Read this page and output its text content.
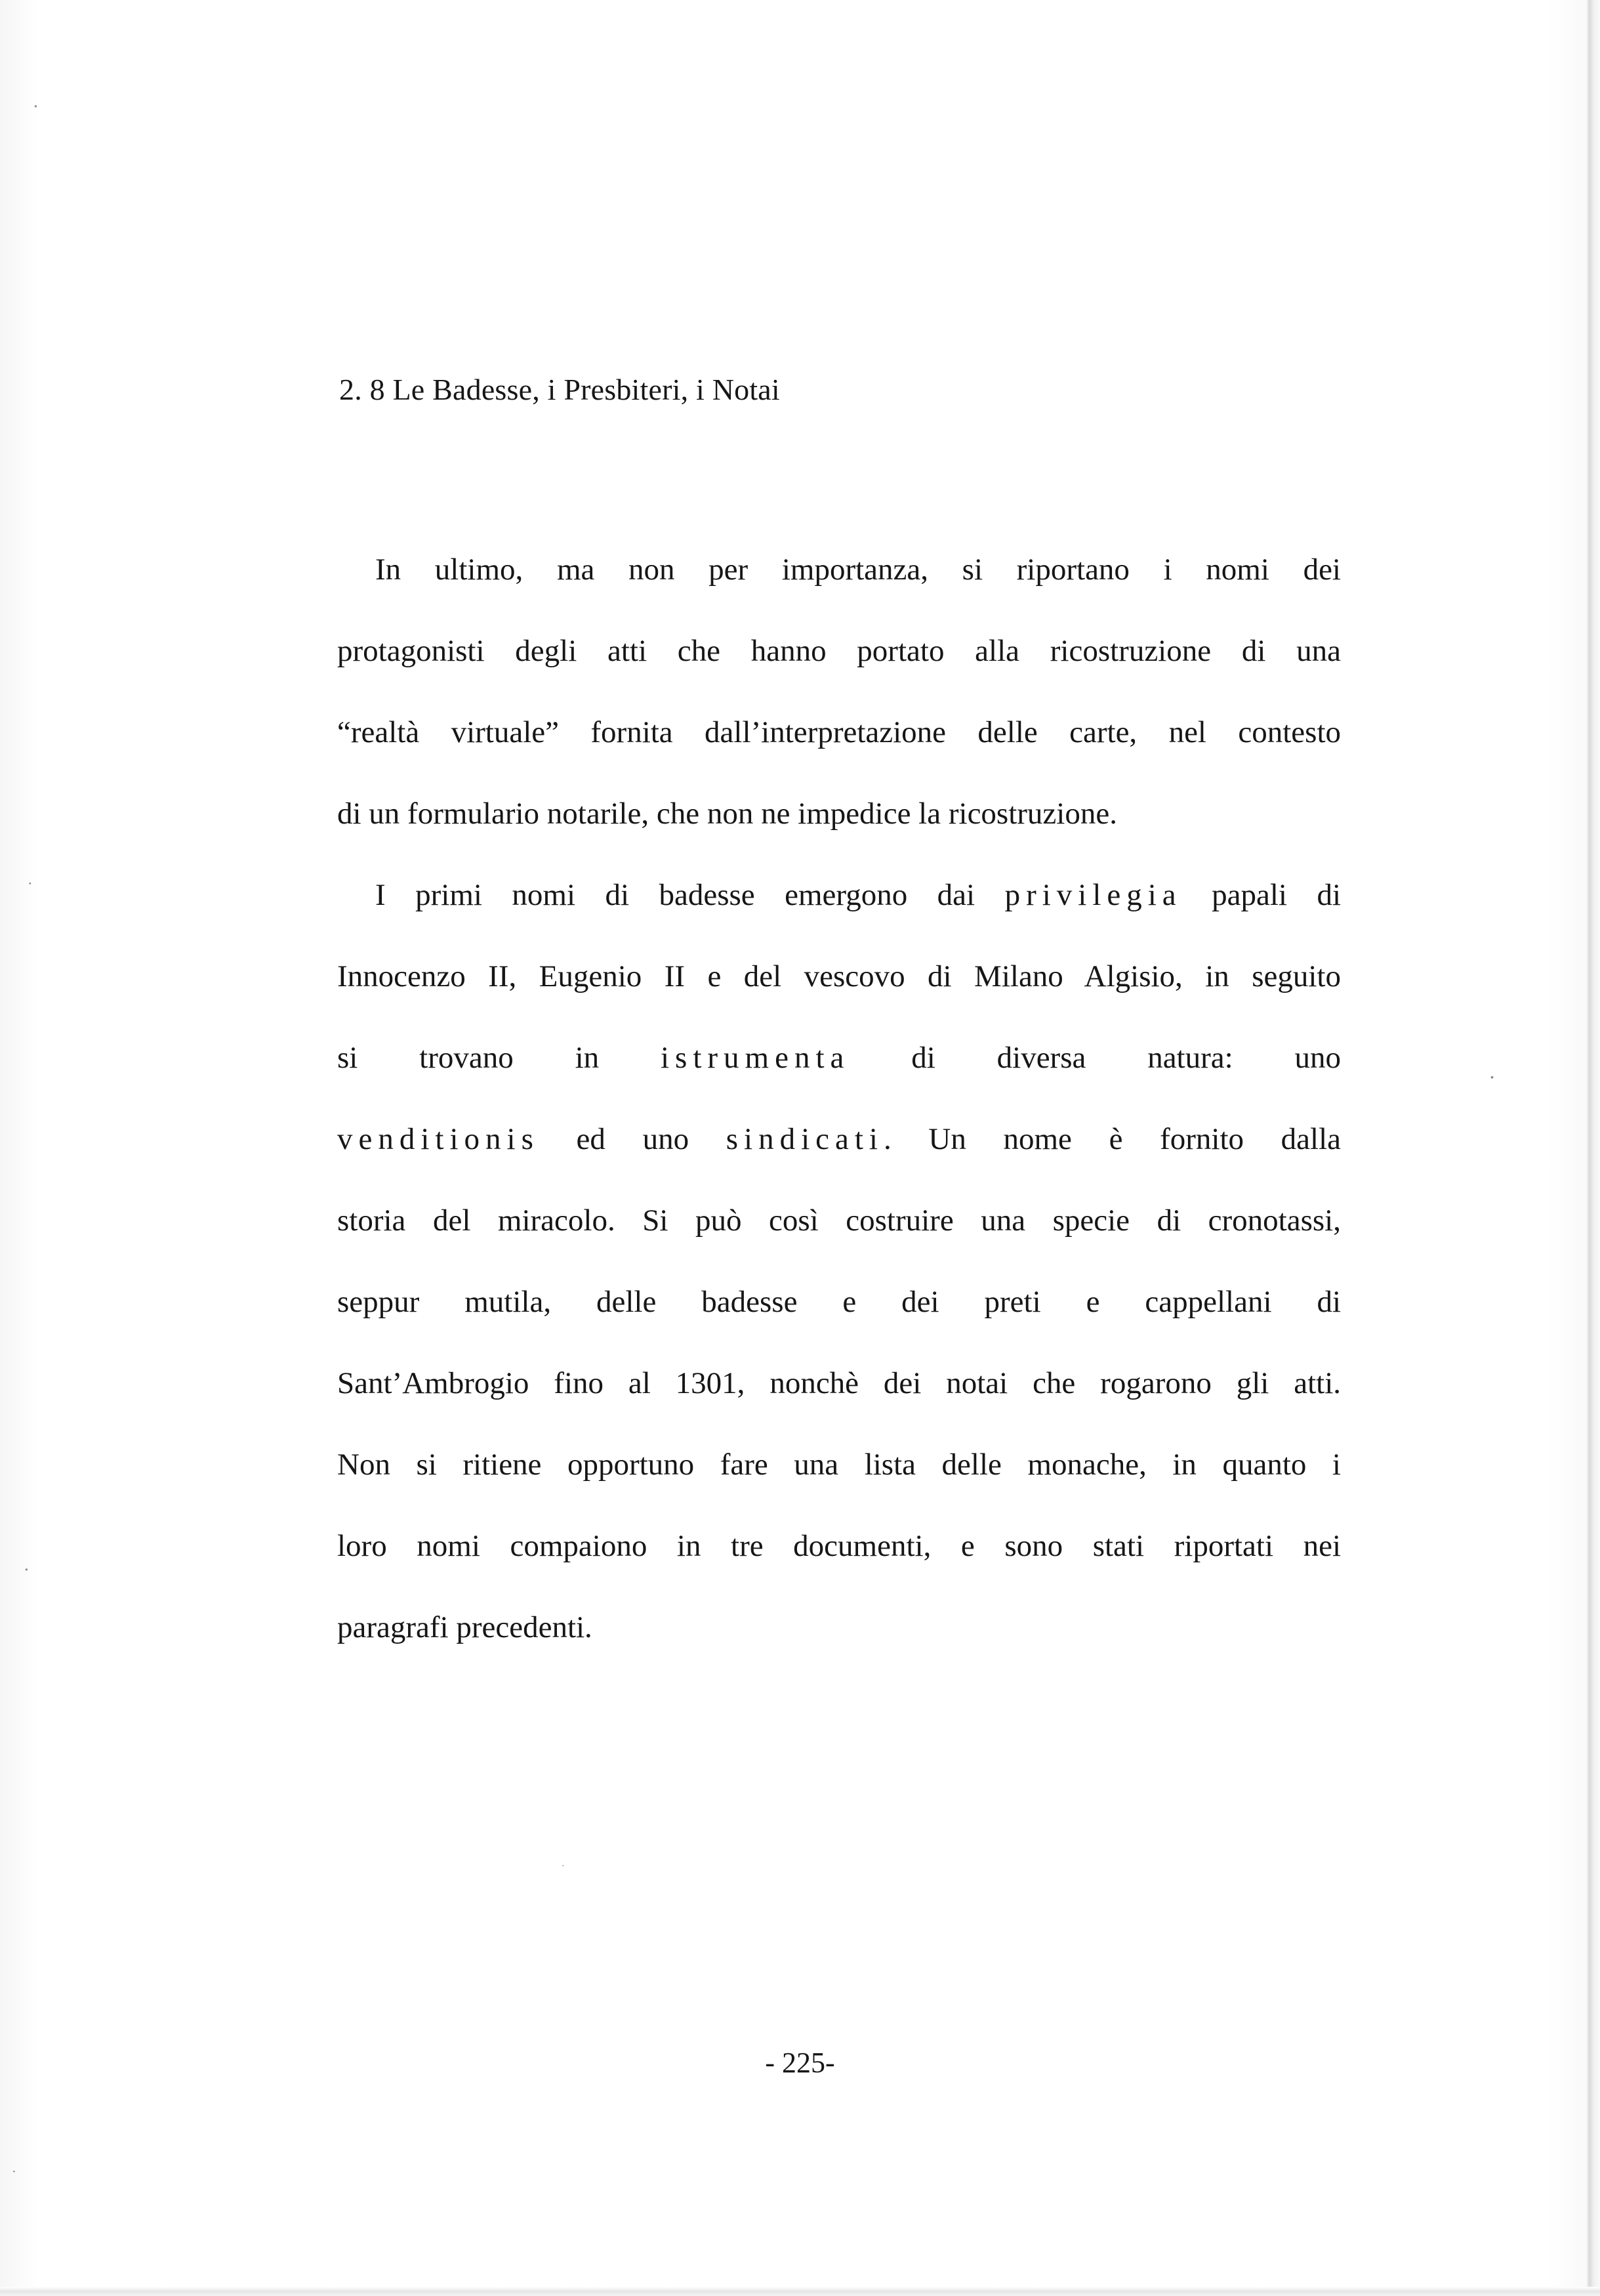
⋅
⋅
⋅
⋅
⋅
⋅
2. 8 Le Badesse, i Presbiteri, i Notai
In ultimo, ma non per importanza, si riportano i nomi dei
protagonisti degli atti che hanno portato alla ricostruzione di una
“realtà virtuale” fornita dall’interpretazione delle carte, nel contesto
di un formulario notarile, che non ne impedice la ricostruzione.
I primi nomi di badesse emergono dai privilegia papali di
Innocenzo II, Eugenio II e del vescovo di Milano Algisio, in seguito
si trovano in istrumenta di diversa natura: uno
venditionis ed uno sindicati. Un nome è fornito dalla
storia del miracolo. Si può così costruire una specie di cronotassi,
seppur mutila, delle badesse e dei preti e cappellani di
Sant’Ambrogio fino al 1301, nonchè dei notai che rogarono gli atti.
Non si ritiene opportuno fare una lista delle monache, in quanto i
loro nomi compaiono in tre documenti, e sono stati riportati nei
paragrafi precedenti.
- 225-
